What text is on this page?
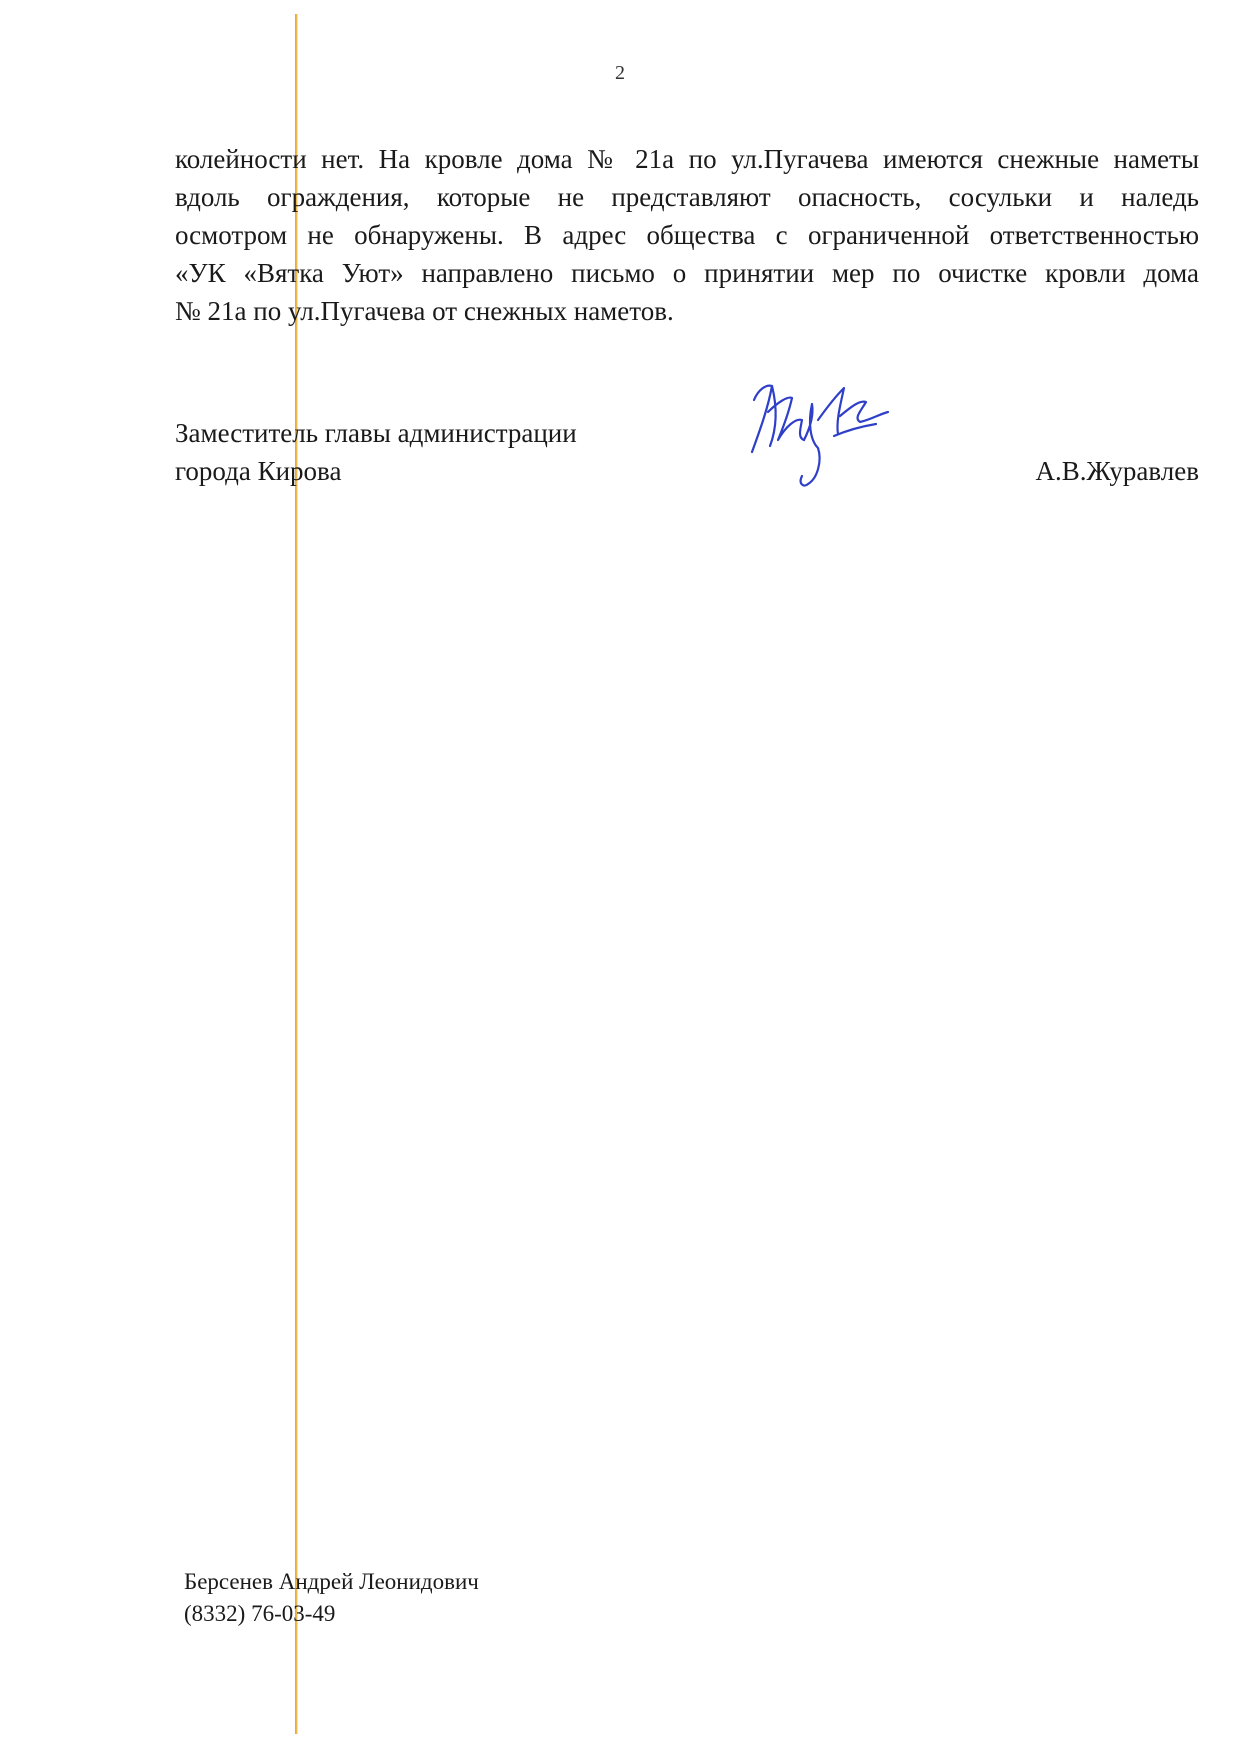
2
колейности нет. На кровле дома № 21а по ул.Пугачева имеются снежные наметы
вдоль ограждения, которые не представляют опасность, сосульки и наледь
осмотром не обнаружены. В адрес общества с ограниченной ответственностью
«УК «Вятка Уют» направлено письмо о принятии мер по очистке кровли дома
№ 21а по ул.Пугачева от снежных наметов.
Заместитель главы администрации
города Кирова	А.В.Журавлев
Берсенев Андрей Леонидович
(8332) 76-03-49
